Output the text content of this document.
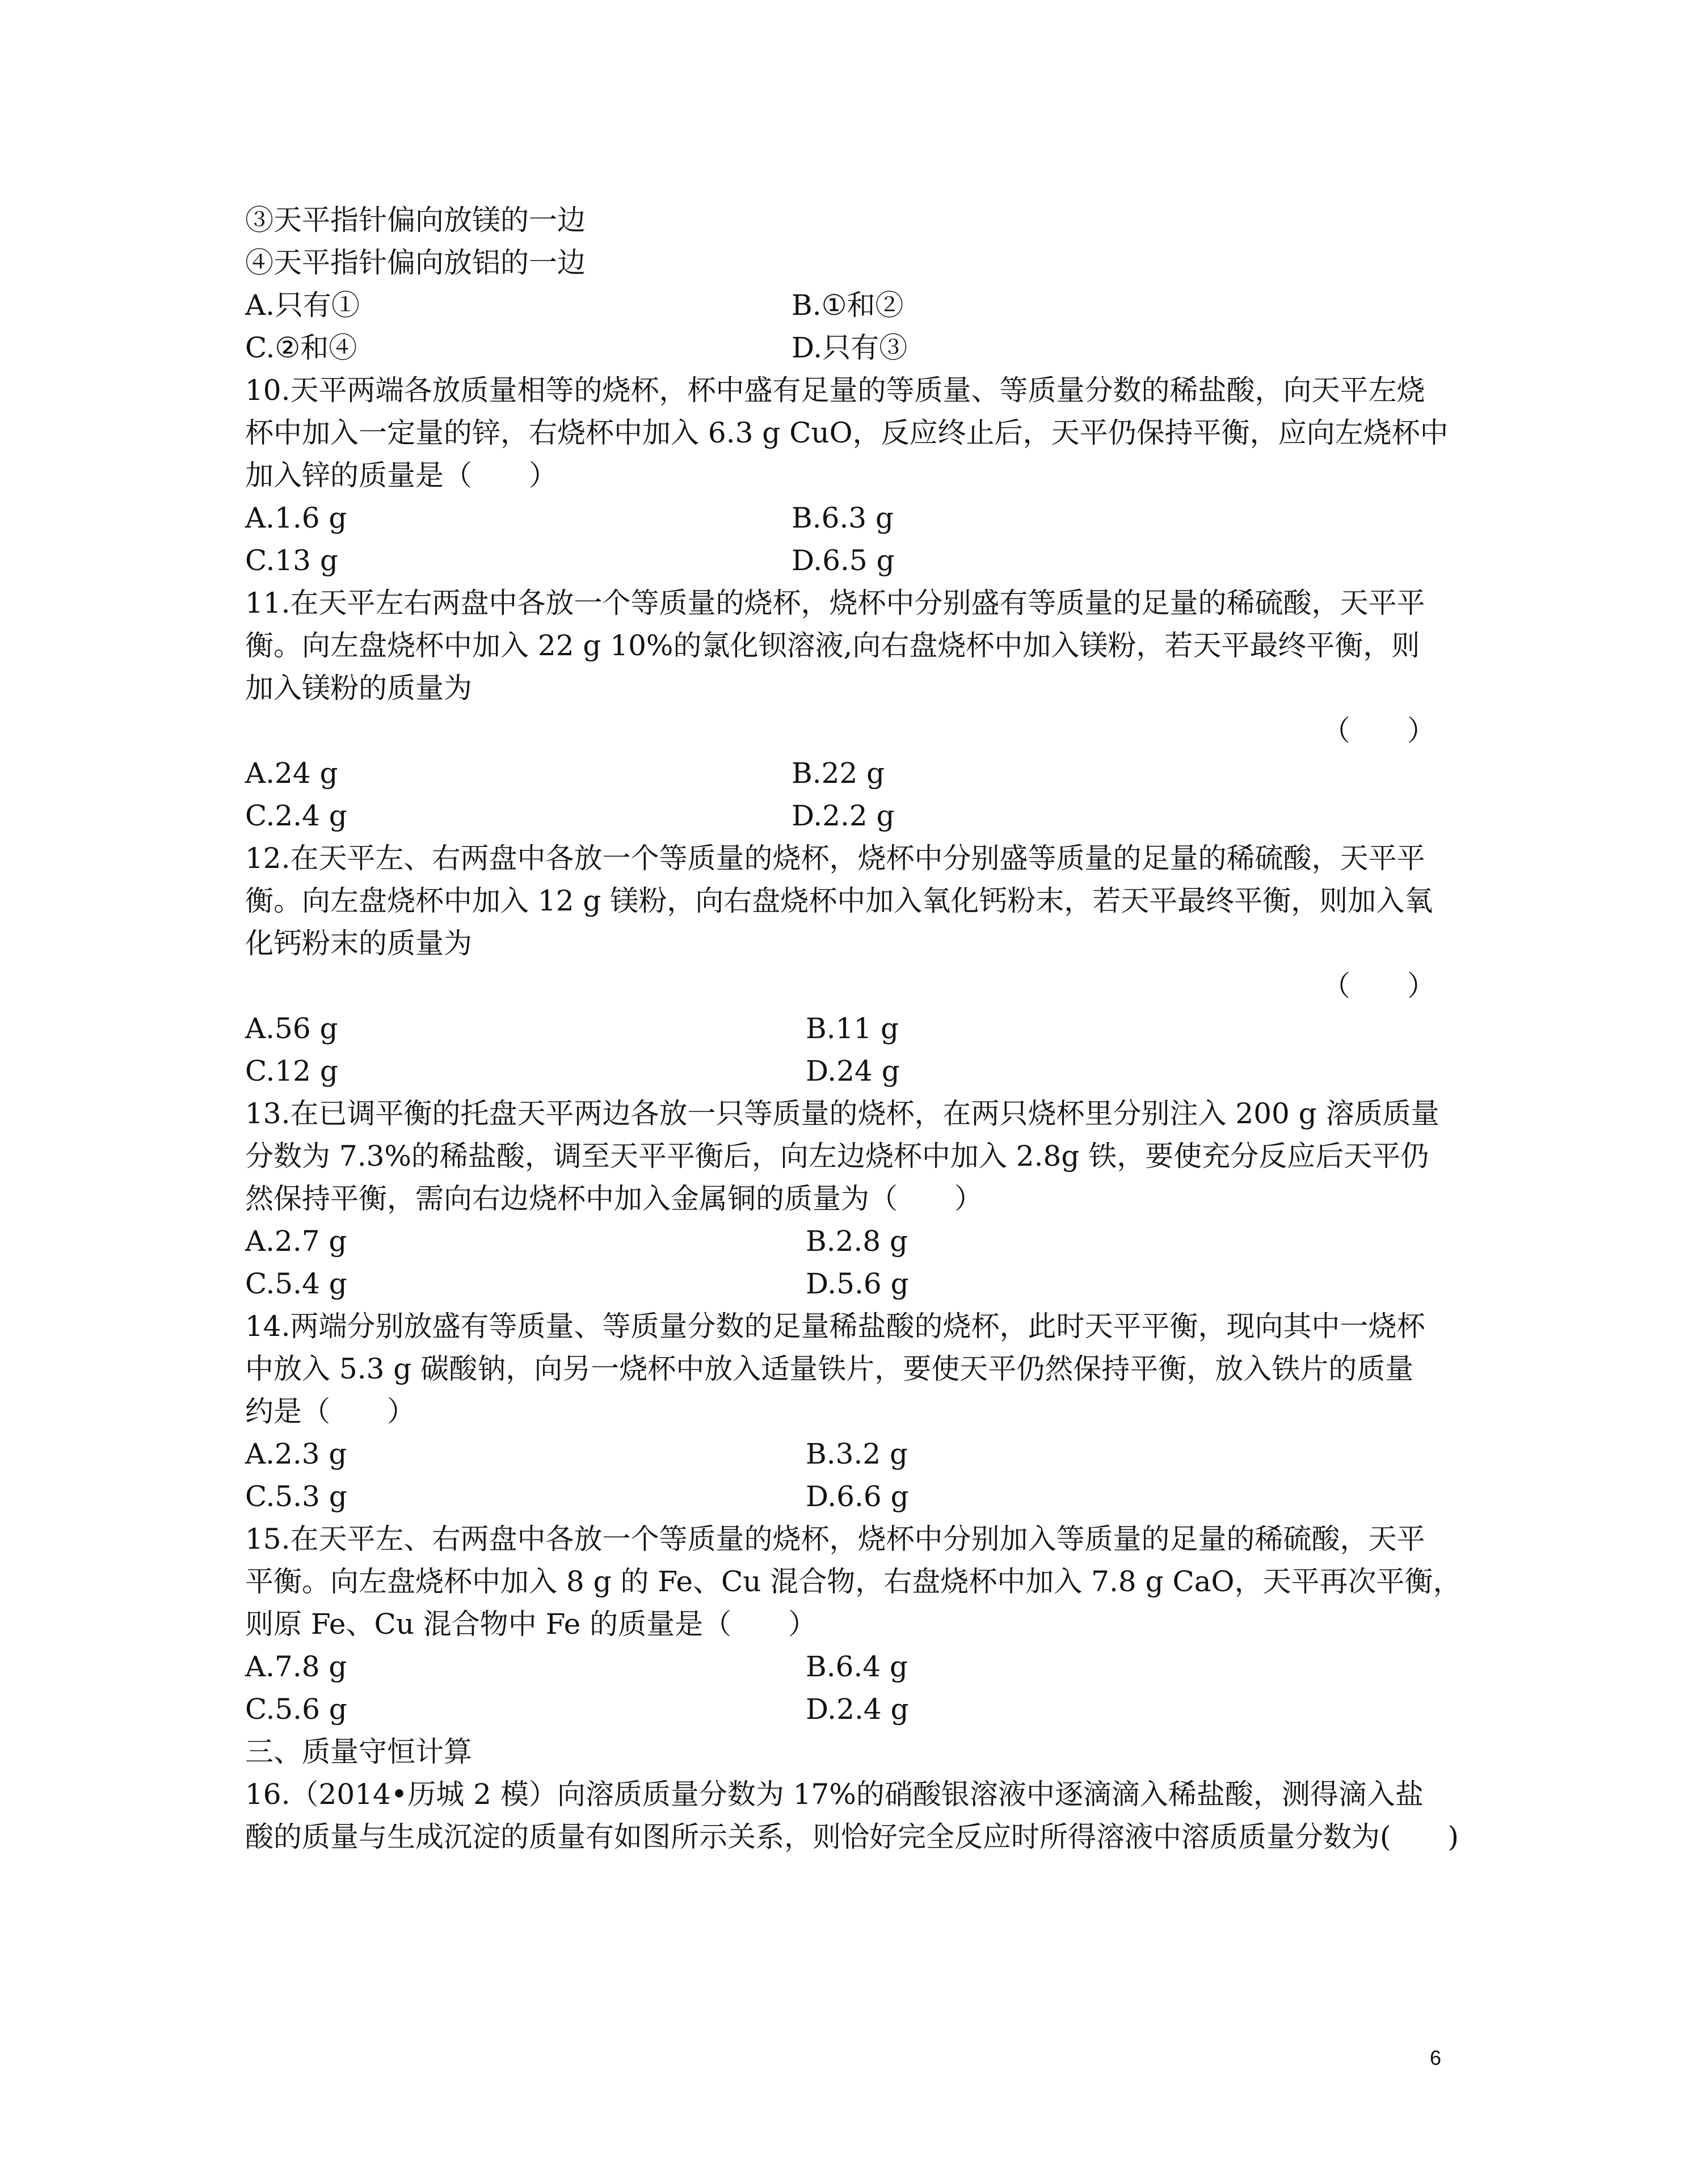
③天平指针偏向放镁的一边
④天平指针偏向放铝的一边
A.只有①	B.①和②
C.②和④	D.只有③
10.天平两端各放质量相等的烧杯，杯中盛有足量的等质量、等质量分数的稀盐酸，向天平左烧
杯中加入一定量的锌，右烧杯中加入 6.3 g CuO，反应终止后，天平仍保持平衡，应向左烧杯中
加入锌的质量是（　　）
A.1.6 g	B.6.3 g
C.13 g	D.6.5 g
11.在天平左右两盘中各放一个等质量的烧杯，烧杯中分别盛有等质量的足量的稀硫酸，天平平
衡。向左盘烧杯中加入 22 g 10%的氯化钡溶液,向右盘烧杯中加入镁粉，若天平最终平衡，则
加入镁粉的质量为
（　　）
A.24 g	B.22 g
C.2.4 g	D.2.2 g
12.在天平左、右两盘中各放一个等质量的烧杯，烧杯中分别盛等质量的足量的稀硫酸，天平平
衡。向左盘烧杯中加入 12 g 镁粉，向右盘烧杯中加入氧化钙粉末，若天平最终平衡，则加入氧
化钙粉末的质量为
（　　）
A.56 g	B.11 g
C.12 g	D.24 g
13.在已调平衡的托盘天平两边各放一只等质量的烧杯，在两只烧杯里分别注入 200 g 溶质质量
分数为 7.3%的稀盐酸，调至天平平衡后，向左边烧杯中加入 2.8g 铁，要使充分反应后天平仍
然保持平衡，需向右边烧杯中加入金属铜的质量为（　　）
A.2.7 g	B.2.8 g
C.5.4 g	D.5.6 g
14.两端分别放盛有等质量、等质量分数的足量稀盐酸的烧杯，此时天平平衡，现向其中一烧杯
中放入 5.3 g 碳酸钠，向另一烧杯中放入适量铁片，要使天平仍然保持平衡，放入铁片的质量
约是（　　）
A.2.3 g	B.3.2 g
C.5.3 g	D.6.6 g
15.在天平左、右两盘中各放一个等质量的烧杯，烧杯中分别加入等质量的足量的稀硫酸，天平
平衡。向左盘烧杯中加入 8 g 的 Fe、Cu 混合物，右盘烧杯中加入 7.8 g CaO，天平再次平衡，
则原 Fe、Cu 混合物中 Fe 的质量是（　　）
A.7.8 g	B.6.4 g
C.5.6 g	D.2.4 g
三、质量守恒计算
16.（2014•历城 2 模）向溶质质量分数为 17%的硝酸银溶液中逐滴滴入稀盐酸，测得滴入盐
酸的质量与生成沉淀的质量有如图所示关系，则恰好完全反应时所得溶液中溶质质量分数为(　　)
6
